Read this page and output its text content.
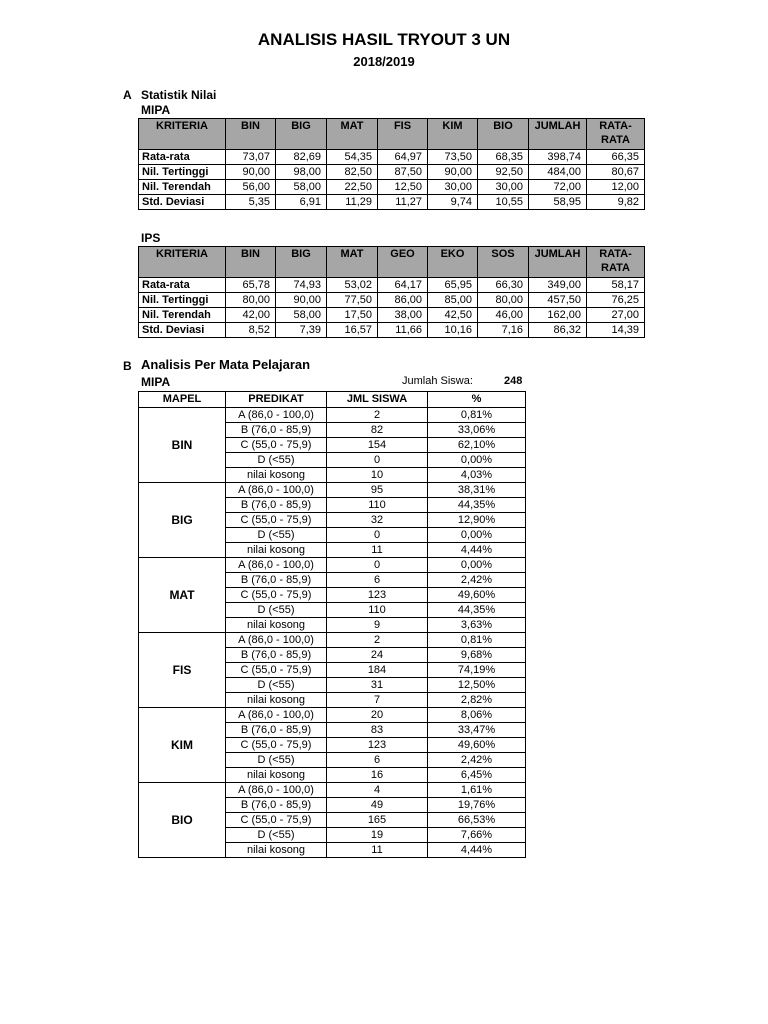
ANALISIS HASIL TRYOUT 3 UN
2018/2019
A Statistik Nilai
MIPA
KRITERIA	BIN	BIG	MAT	FIS	KIM	BIO	JUMLAH	RATA-
RATA
Rata-rata	73,07	82,69	54,35	64,97	73,50	68,35	398,74	66,35
Nil. Tertinggi	90,00	98,00	82,50	87,50	90,00	92,50	484,00	80,67
Nil. Terendah	56,00	58,00	22,50	12,50	30,00	30,00	72,00	12,00
Std. Deviasi	5,35	6,91	11,29	11,27	9,74	10,55	58,95	9,82
IPS
KRITERIA	BIN	BIG	MAT	GEO	EKO	SOS	JUMLAH	RATA-
RATA
Rata-rata	65,78	74,93	53,02	64,17	65,95	66,30	349,00	58,17
Nil. Tertinggi	80,00	90,00	77,50	86,00	85,00	80,00	457,50	76,25
Nil. Terendah	42,00	58,00	17,50	38,00	42,50	46,00	162,00	27,00
Std. Deviasi	8,52	7,39	16,57	11,66	10,16	7,16	86,32	14,39
B Analisis Per Mata Pelajaran
MIPA	Jumlah Siswa:	248
MAPEL	PREDIKAT	JML SISWA	%
BIN	A (86,0 - 100,0)	2	0,81%
	B (76,0 - 85,9)	82	33,06%
	C (55,0 - 75,9)	154	62,10%
	D (<55)	0	0,00%
	nilai kosong	10	4,03%
BIG	A (86,0 - 100,0)	95	38,31%
	B (76,0 - 85,9)	110	44,35%
	C (55,0 - 75,9)	32	12,90%
	D (<55)	0	0,00%
	nilai kosong	11	4,44%
MAT	A (86,0 - 100,0)	0	0,00%
	B (76,0 - 85,9)	6	2,42%
	C (55,0 - 75,9)	123	49,60%
	D (<55)	110	44,35%
	nilai kosong	9	3,63%
FIS	A (86,0 - 100,0)	2	0,81%
	B (76,0 - 85,9)	24	9,68%
	C (55,0 - 75,9)	184	74,19%
	D (<55)	31	12,50%
	nilai kosong	7	2,82%
KIM	A (86,0 - 100,0)	20	8,06%
	B (76,0 - 85,9)	83	33,47%
	C (55,0 - 75,9)	123	49,60%
	D (<55)	6	2,42%
	nilai kosong	16	6,45%
BIO	A (86,0 - 100,0)	4	1,61%
	B (76,0 - 85,9)	49	19,76%
	C (55,0 - 75,9)	165	66,53%
	D (<55)	19	7,66%
	nilai kosong	11	4,44%
